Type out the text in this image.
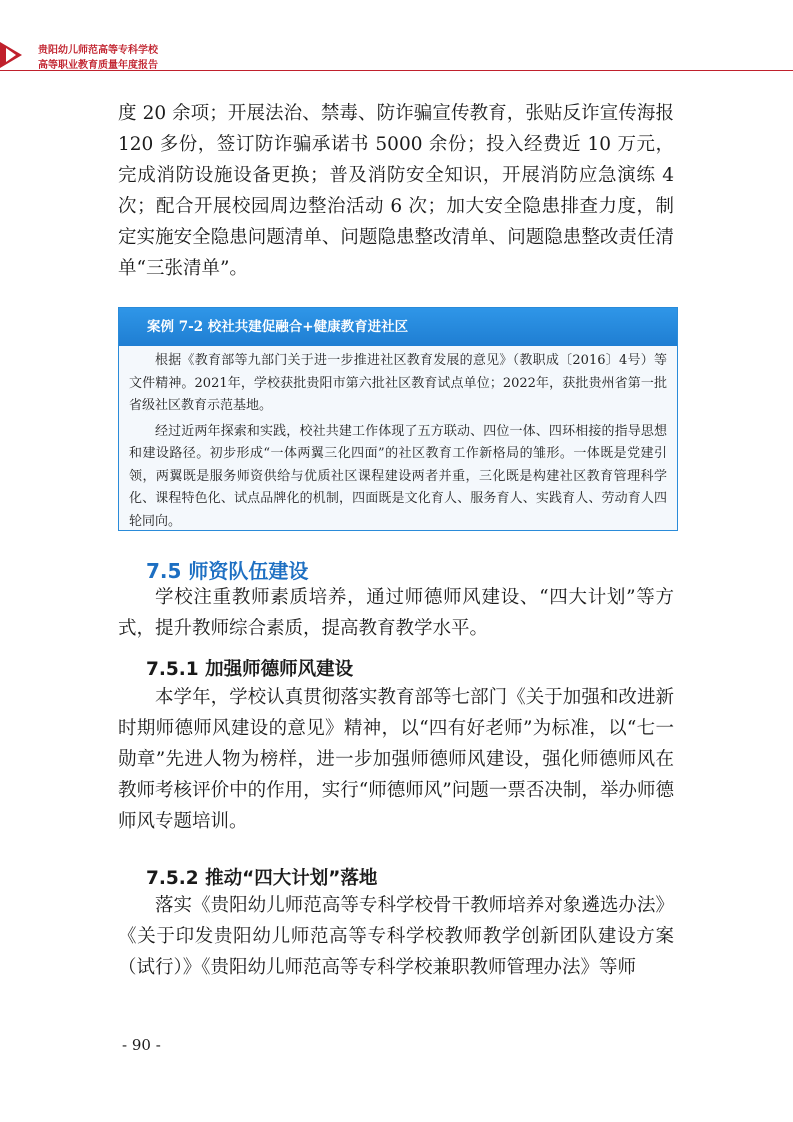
贵阳幼儿师范高等专科学校
高等职业教育质量年度报告
度 20 余项；开展法治、禁毒、防诈骗宣传教育，张贴反诈宣传海报 120 多份，签订防诈骗承诺书 5000 余份；投入经费近 10 万元，完成消防设施设备更换；普及消防安全知识，开展消防应急演练 4 次；配合开展校园周边整治活动 6 次；加大安全隐患排查力度，制定实施安全隐患问题清单、问题隐患整改清单、问题隐患整改责任清单“三张清单”。
案例 7-2 校社共建促融合+健康教育进社区

根据《教育部等九部门关于进一步推进社区教育发展的意见》（教职成〔2016〕4号）等文件精神。2021年，学校获批贵阳市第六批社区教育试点单位；2022年，获批贵州省第一批省级社区教育示范基地。

经过近两年探索和实践，校社共建工作体现了五方联动、四位一体、四环相接的指导思想和建设路径。初步形成“一体两翼三化四面”的社区教育工作新格局的雏形。一体既是党建引领，两翼既是服务师资供给与优质社区课程建设两者并重，三化既是构建社区教育管理科学化、课程特色化、试点品牌化的机制，四面既是文化育人、服务育人、实践育人、劳动育人四轮同向。

7.5 师资队伍建设
学校注重教师素质培养，通过师德师风建设、“四大计划”等方式，提升教师综合素质，提高教育教学水平。
7.5.1 加强师德师风建设
本学年，学校认真贯彻落实教育部等七部门《关于加强和改进新时期师德师风建设的意见》精神，以“四有好老师”为标准，以“七一勋章”先进人物为榜样，进一步加强师德师风建设，强化师德师风在教师考核评价中的作用，实行“师德师风”问题一票否决制，举办师德师风专题培训。
7.5.2 推动“四大计划”落地
落实《贵阳幼儿师范高等专科学校骨干教师培养对象遴选办法》《关于印发贵阳幼儿师范高等专科学校教师教学创新团队建设方案（试行）》《贵阳幼儿师范高等专科学校兼职教师管理办法》等师
- 90 -
